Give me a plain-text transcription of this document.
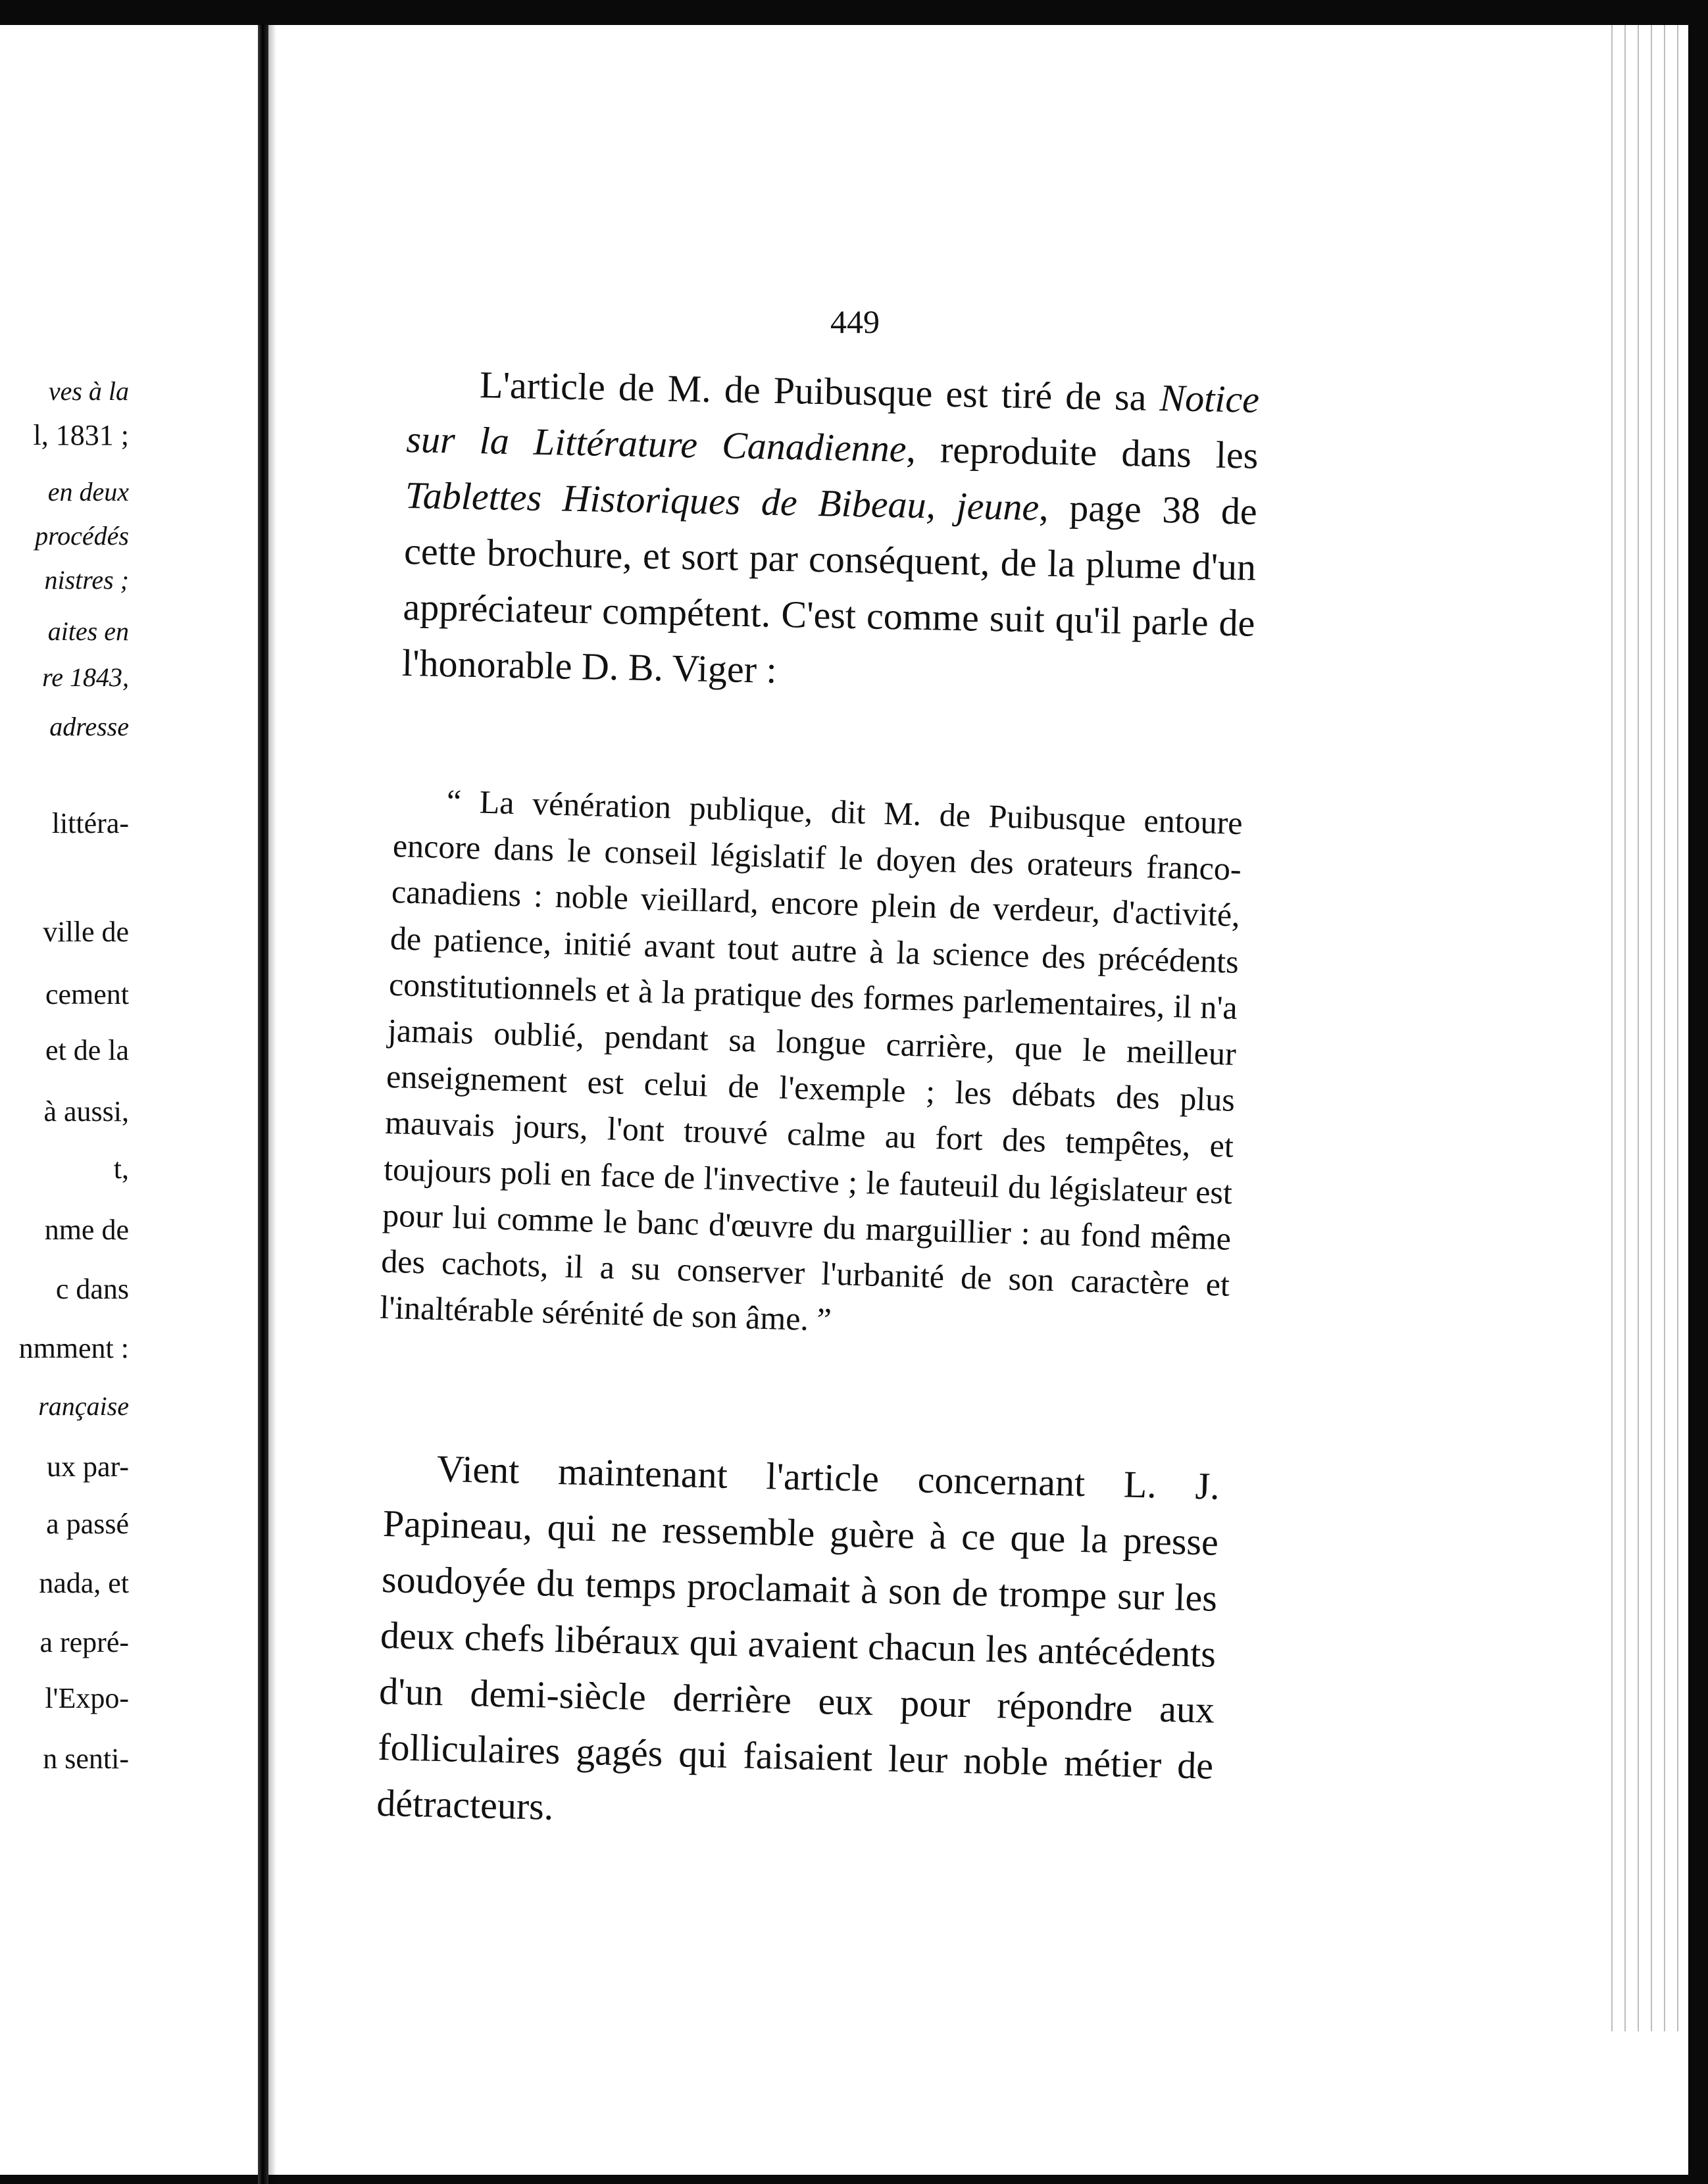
ves à la
l, 1831 ;
en deux
procédés
nistres ;
aites en
re 1843,
adresse
littéra-
ville de
cement
et de la
à aussi,
t,
nme de
c dans
nmment :
rançaise
ux par-
a passé
nada, et
a repré-
l'Expo-
n senti-
449

L'article de M. de Puibusque est tiré de sa Notice sur la Littérature Canadienne, reproduite dans les Tablettes Historiques de Bibeau, jeune, page 38 de cette brochure, et sort par conséquent, de la plume d'un appréciateur compétent. C'est comme suit qu'il parle de l'honorable D. B. Viger :

“ La vénération publique, dit M. de Puibusque entoure encore dans le conseil législatif le doyen des orateurs franco-canadiens : noble vieillard, encore plein de verdeur, d'activité, de patience, initié avant tout autre à la science des précédents constitutionnels et à la pratique des formes parlementaires, il n'a jamais oublié, pendant sa longue carrière, que le meilleur enseignement est celui de l'exemple ; les débats des plus mauvais jours, l'ont trouvé calme au fort des tempêtes, et toujours poli en face de l'invective ; le fauteuil du législateur est pour lui comme le banc d'œuvre du marguillier : au fond même des cachots, il a su conserver l'urbanité de son caractère et l'inaltérable sérénité de son âme. ”

Vient maintenant l'article concernant L. J. Papineau, qui ne ressemble guère à ce que la presse soudoyée du temps proclamait à son de trompe sur les deux chefs libéraux qui avaient chacun les antécédents d'un demi-siècle derrière eux pour répondre aux folliculaires gagés qui faisaient leur noble métier de détracteurs.
